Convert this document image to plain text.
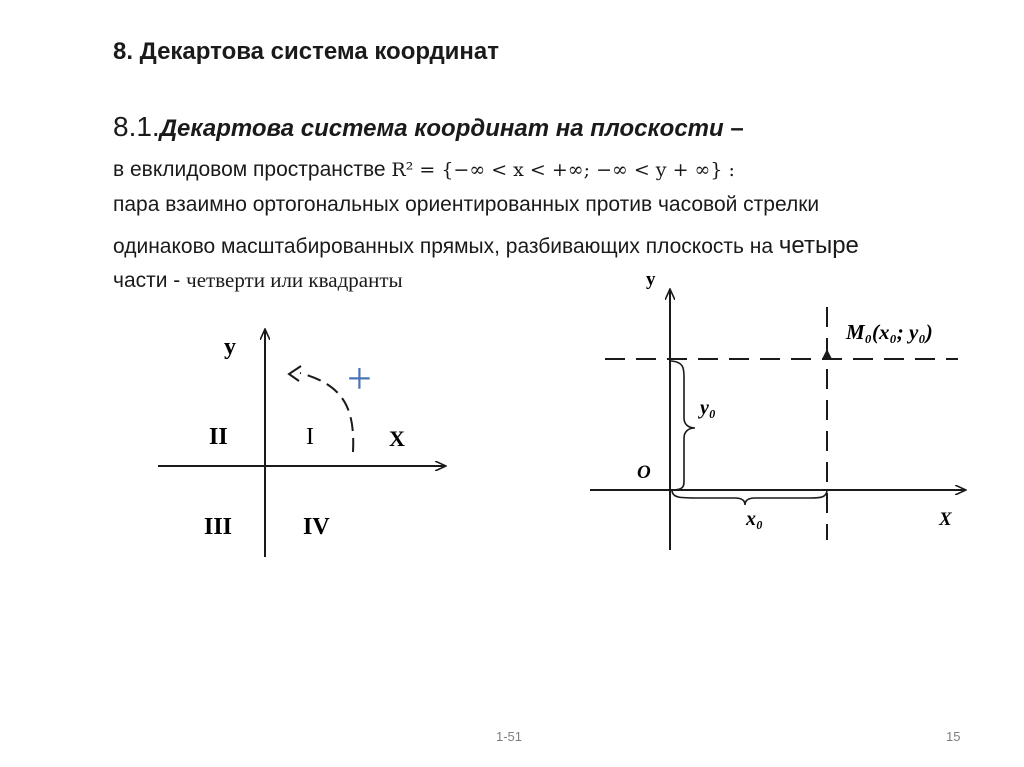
8. Декартова система координат
8.1.Декартова система координат на плоскости –
в евклидовом пространстве R² = {−∞ < x < +∞; −∞ < y + ∞} :
пара взаимно ортогональных ориентированных против часовой стрелки
одинаково масштабированных прямых, разбивающих плоскость на четыре
части - четверти или квадранты
y
X
I
II
III	IV
+
y
X
O
M₀(x₀; y₀)
y₀
x₀
1-51	15
